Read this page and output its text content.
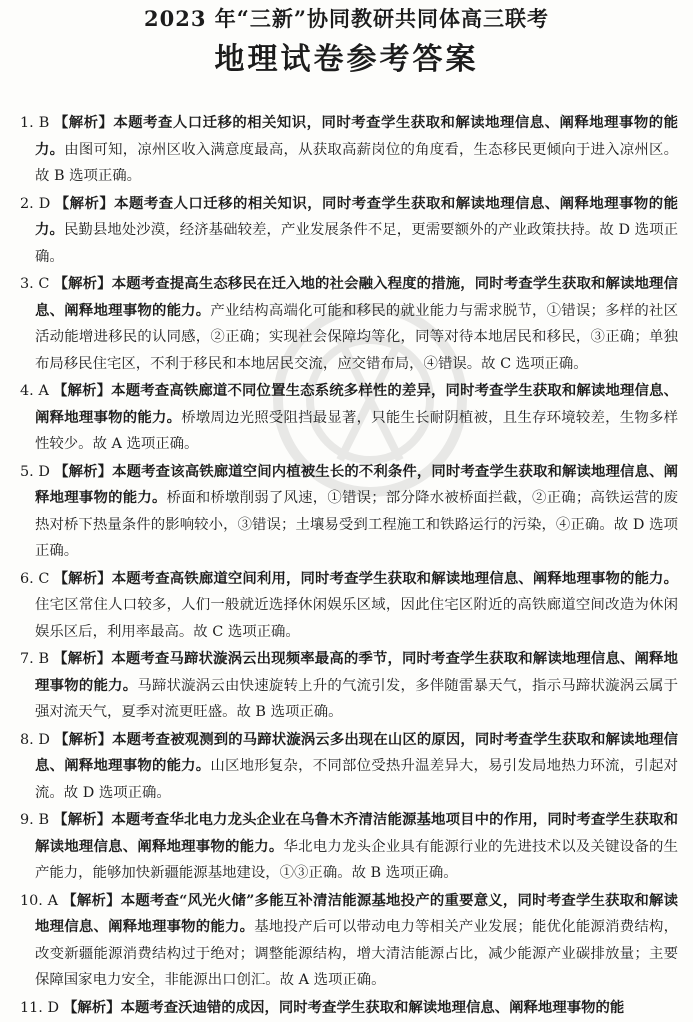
2023 年“三新”协同教研共同体高三联考
地理试卷参考答案
1. B 【解析】本题考查人口迁移的相关知识，同时考查学生获取和解读地理信息、阐释地理事物的能力。由图可知，凉州区收入满意度最高，从获取高薪岗位的角度看，生态移民更倾向于进入凉州区。故 B 选项正确。
2. D 【解析】本题考查人口迁移的相关知识，同时考查学生获取和解读地理信息、阐释地理事物的能力。民勤县地处沙漠，经济基础较差，产业发展条件不足，更需要额外的产业政策扶持。故 D 选项正确。
3. C 【解析】本题考查提高生态移民在迁入地的社会融入程度的措施，同时考查学生获取和解读地理信息、阐释地理事物的能力。产业结构高端化可能和移民的就业能力与需求脱节，①错误；多样的社区活动能增进移民的认同感，②正确；实现社会保障均等化，同等对待本地居民和移民，③正确；单独布局移民住宅区，不利于移民和本地居民交流，应交错布局，④错误。故 C 选项正确。
4. A 【解析】本题考查高铁廊道不同位置生态系统多样性的差异，同时考查学生获取和解读地理信息、阐释地理事物的能力。桥墩周边光照受阻挡最显著，只能生长耐阴植被，且生存环境较差，生物多样性较少。故 A 选项正确。
5. D 【解析】本题考查该高铁廊道空间内植被生长的不利条件，同时考查学生获取和解读地理信息、阐释地理事物的能力。桥面和桥墩削弱了风速，①错误；部分降水被桥面拦截，②正确；高铁运营的废热对桥下热量条件的影响较小，③错误；土壤易受到工程施工和铁路运行的污染，④正确。故 D 选项正确。
6. C 【解析】本题考查高铁廊道空间利用，同时考查学生获取和解读地理信息、阐释地理事物的能力。住宅区常住人口较多，人们一般就近选择休闲娱乐区域，因此住宅区附近的高铁廊道空间改造为休闲娱乐区后，利用率最高。故 C 选项正确。
7. B 【解析】本题考查马蹄状漩涡云出现频率最高的季节，同时考查学生获取和解读地理信息、阐释地理事物的能力。马蹄状漩涡云由快速旋转上升的气流引发，多伴随雷暴天气，指示马蹄状漩涡云属于强对流天气，夏季对流更旺盛。故 B 选项正确。
8. D 【解析】本题考查被观测到的马蹄状漩涡云多出现在山区的原因，同时考查学生获取和解读地理信息、阐释地理事物的能力。山区地形复杂，不同部位受热升温差异大，易引发局地热力环流，引起对流。故 D 选项正确。
9. B 【解析】本题考查华北电力龙头企业在乌鲁木齐清洁能源基地项目中的作用，同时考查学生获取和解读地理信息、阐释地理事物的能力。华北电力龙头企业具有能源行业的先进技术以及关键设备的生产能力，能够加快新疆能源基地建设，①③正确。故 B 选项正确。
10. A 【解析】本题考查“风光火储”多能互补清洁能源基地投产的重要意义，同时考查学生获取和解读地理信息、阐释地理事物的能力。基地投产后可以带动电力等相关产业发展；能优化能源消费结构，改变新疆能源消费结构过于绝对；调整能源结构，增大清洁能源占比，减少能源产业碳排放量；主要保障国家电力安全，非能源出口创汇。故 A 选项正确。
11. D 【解析】本题考查沃迪错的成因，同时考查学生获取和解读地理信息、阐释地理事物的能
